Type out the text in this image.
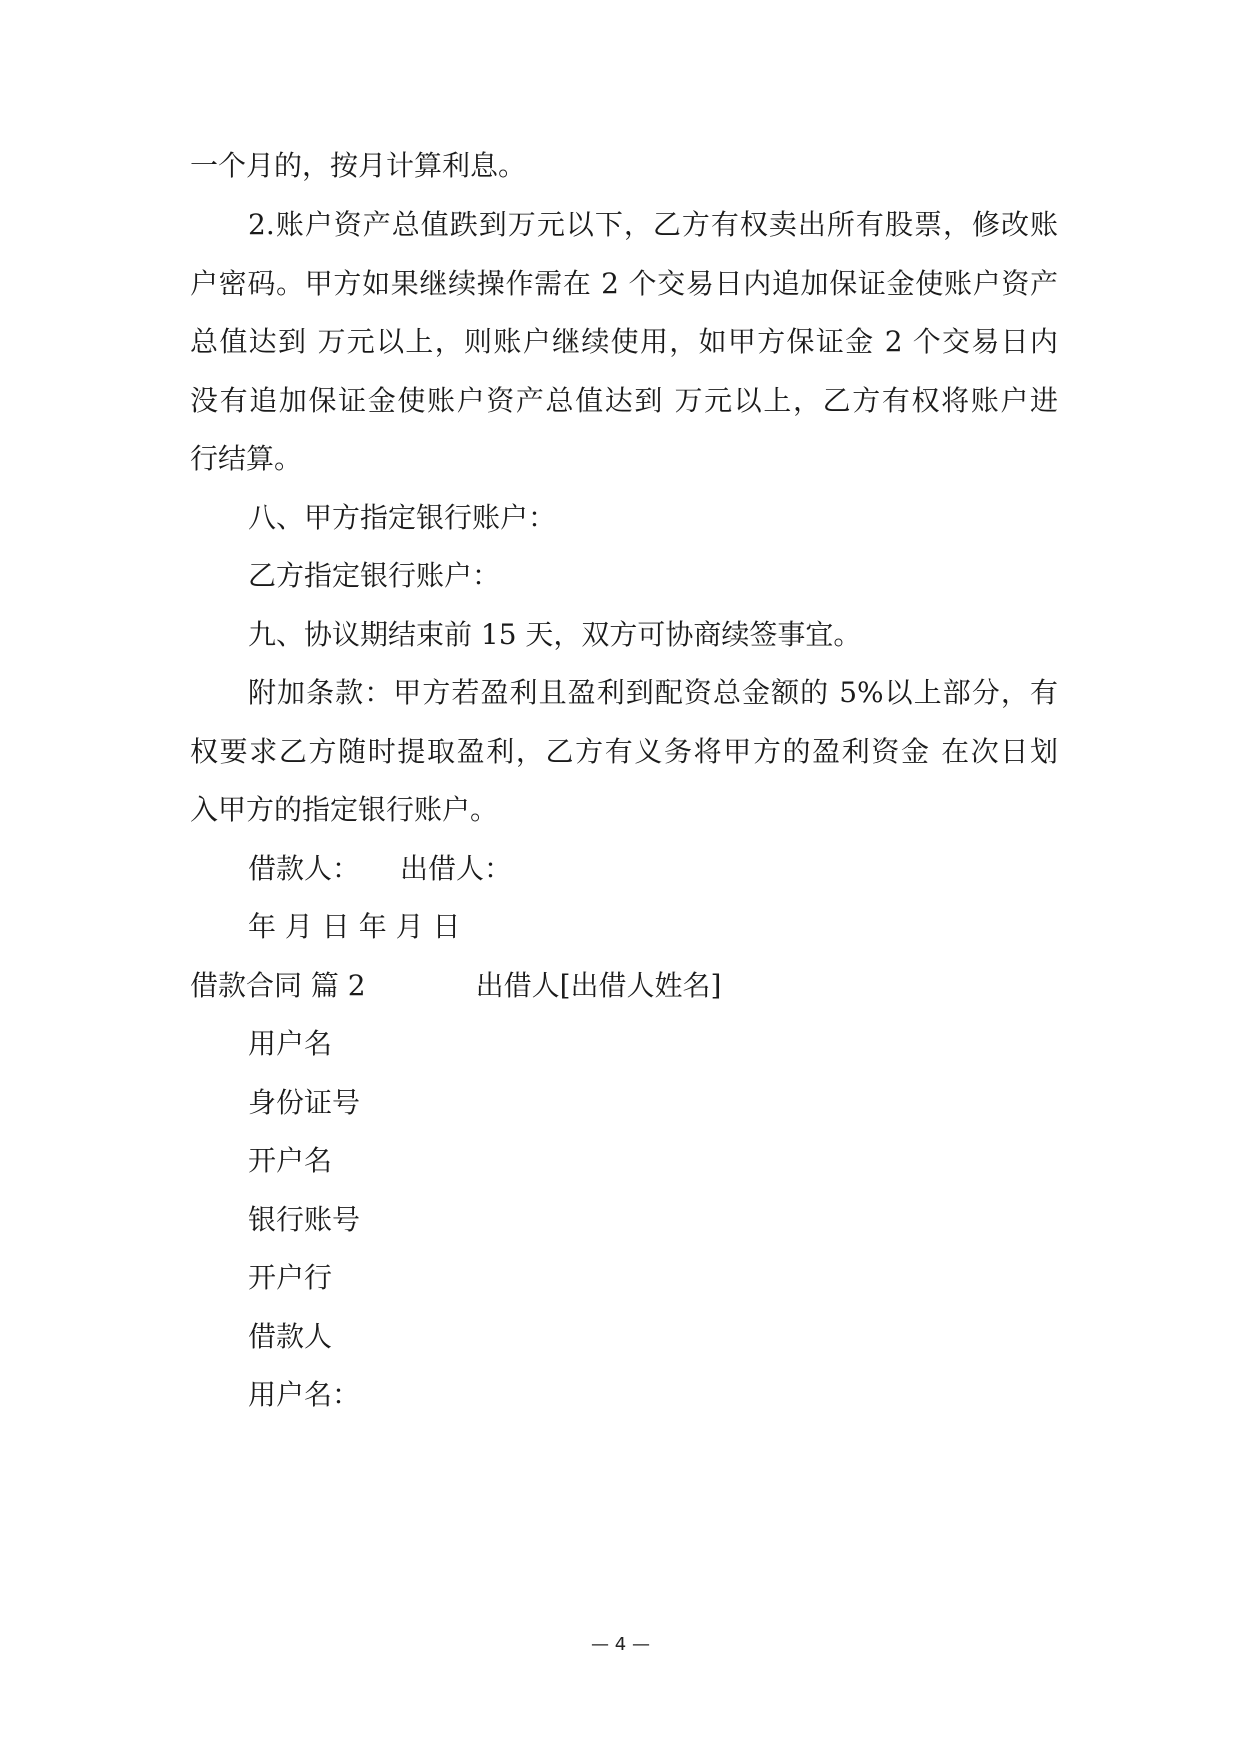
一个月的，按月计算利息。
2.账户资产总值跌到万元以下，乙方有权卖出所有股票，修改账
户密码。甲方如果继续操作需在 2 个交易日内追加保证金使账户资产
总值达到 万元以上，则账户继续使用，如甲方保证金 2 个交易日内
没有追加保证金使账户资产总值达到 万元以上，乙方有权将账户进
行结算。
八、甲方指定银行账户：
乙方指定银行账户：
九、协议期结束前 15 天，双方可协商续签事宜。
附加条款：甲方若盈利且盈利到配资总金额的 5%以上部分，有
权要求乙方随时提取盈利，乙方有义务将甲方的盈利资金 在次日划
入甲方的指定银行账户。
借款人： 出借人：
年 月 日 年 月 日
借款合同 篇 2	出借人[出借人姓名]
用户名
身份证号
开户名
银行账号
开户行
借款人
用户名：
— 4 —
